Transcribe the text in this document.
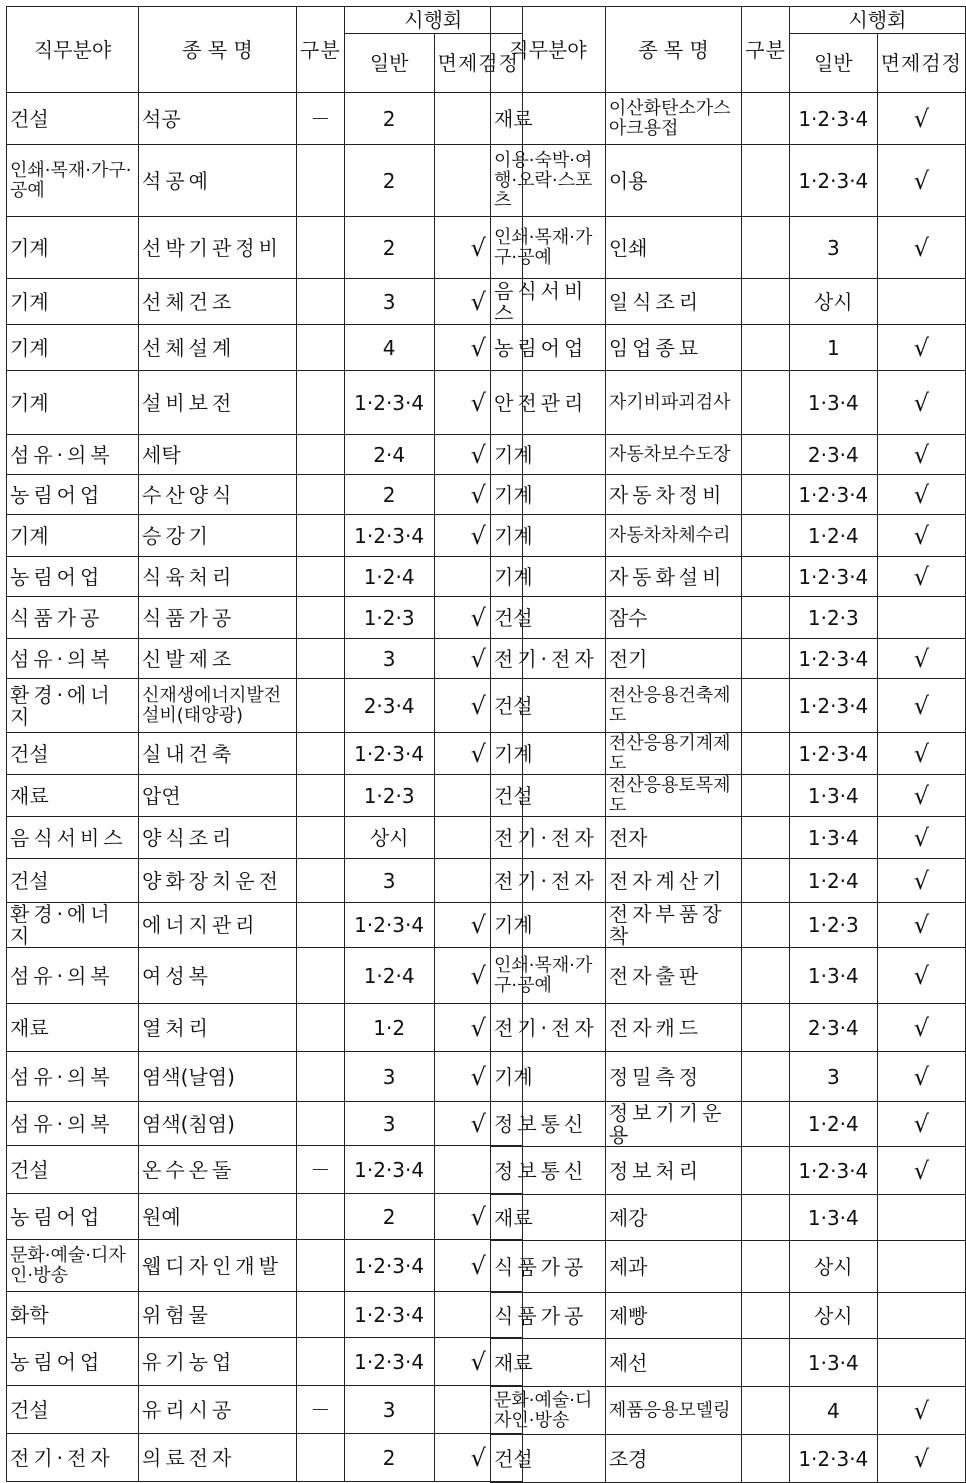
직무분야	종 목 명	구분	시행회	
			일반	면제검정
건설	석공	－	2	
인쇄·목재·가구·공예	석공예		2	
기계	선박기관정비		2	√
기계	선체건조		3	√
기계	선체설계		4	√
기계	설비보전		1·2·3·4	√
섬유·의복	세탁		2·4	√
농림어업	수산양식		2	√
기계	승강기		1·2·3·4	√
농림어업	식육처리		1·2·4	
식품가공	식품가공		1·2·3	√
섬유·의복	신발제조		3	√
환경·에너지	신재생에너지발전설비(태양광)		2·3·4	√
건설	실내건축		1·2·3·4	√
재료	압연		1·2·3	
음식서비스	양식조리		상시	
건설	양화장치운전		3	
환경·에너지	에너지관리		1·2·3·4	√
섬유·의복	여성복		1·2·4	√
재료	열처리		1·2	√
섬유·의복	염색(날염)		3	√
섬유·의복	염색(침염)		3	√
건설	온수온돌	－	1·2·3·4	
농림어업	원예		2	√
문화·예술·디자인·방송	웹디자인개발		1·2·3·4	√
화학	위험물		1·2·3·4	
농림어업	유기농업		1·2·3·4	√
건설	유리시공	－	3	
전기·전자	의료전자		2	√
직무분야	종 목 명	구분	시행회	
			일반	면제검정
재료	이산화탄소가스아크용접		1·2·3·4	√
이용·숙박·여행·오락·스포츠	이용		1·2·3·4	√
인쇄·목재·가구·공예	인쇄		3	√
음식서비스	일식조리		상시	
농림어업	임업종묘		1	√
안전관리	자기비파괴검사		1·3·4	√
기계	자동차보수도장		2·3·4	√
기계	자동차정비		1·2·3·4	√
기계	자동차차체수리		1·2·4	√
기계	자동화설비		1·2·3·4	√
건설	잠수		1·2·3	
전기·전자	전기		1·2·3·4	√
건설	전산응용건축제도		1·2·3·4	√
기계	전산응용기계제도		1·2·3·4	√
건설	전산응용토목제도		1·3·4	√
전기·전자	전자		1·3·4	√
전기·전자	전자계산기		1·2·4	√
기계	전자부품장착		1·2·3	√
인쇄·목재·가구·공예	전자출판		1·3·4	√
전기·전자	전자캐드		2·3·4	√
기계	정밀측정		3	√
정보통신	정보기기운용		1·2·4	√
정보통신	정보처리		1·2·3·4	√
재료	제강		1·3·4	
식품가공	제과		상시	
식품가공	제빵		상시	
재료	제선		1·3·4	
문화·예술·디자인·방송	제품응용모델링		4	√
건설	조경		1·2·3·4	√
